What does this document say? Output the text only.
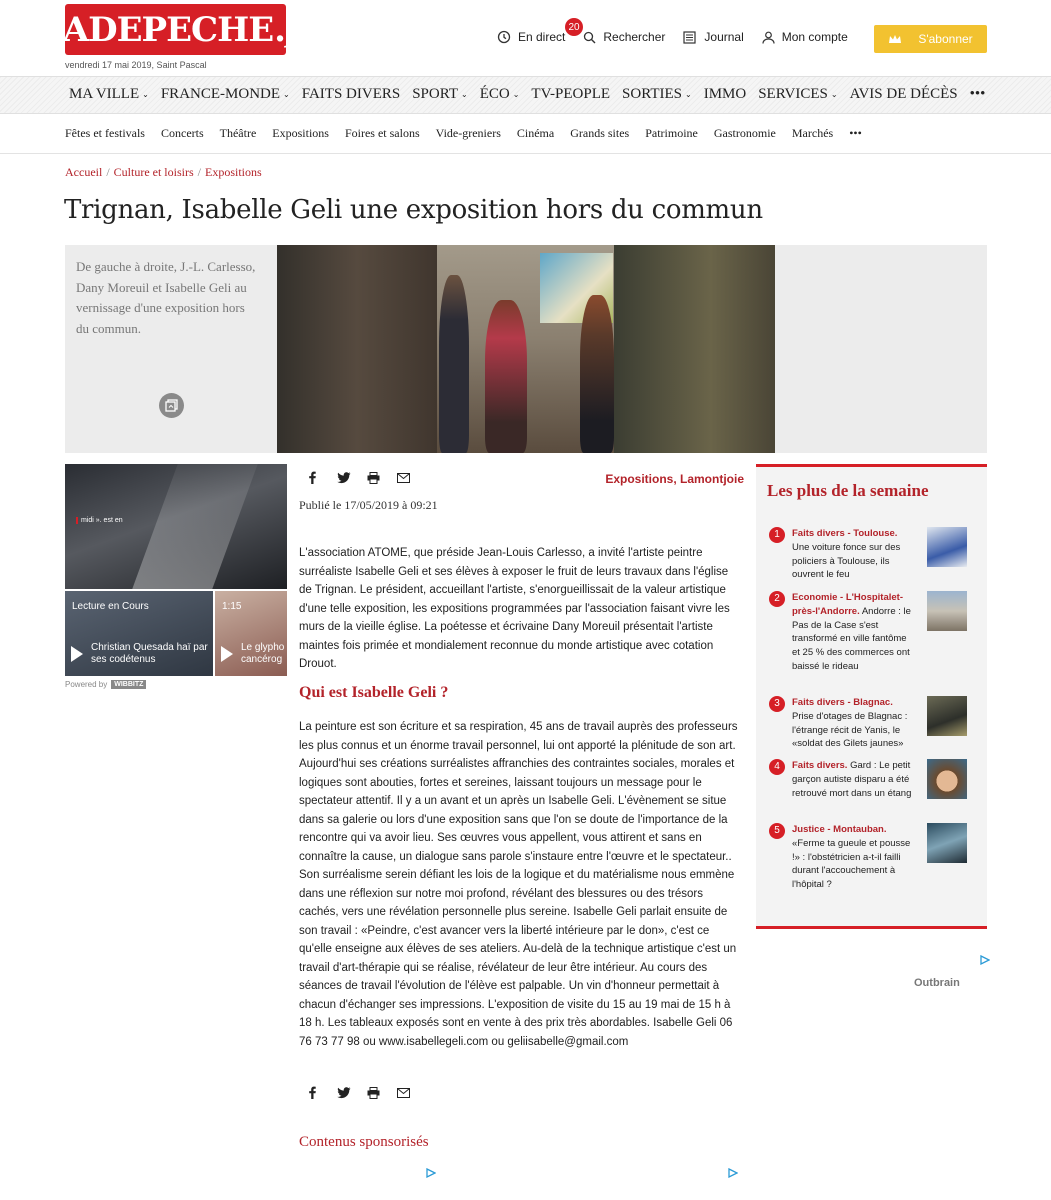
LADEPECHE . fr
vendredi 17 mai 2019, Saint Pascal
En direct
20
Rechercher	Journal	Mon compte	S'abonner
MA VILLE ⌄ FRANCE-MONDE ⌄ FAITS DIVERS SPORT ⌄ ÉCO ⌄ TV-PEOPLE SORTIES ⌄ IMMO SERVICES ⌄ AVIS DE DÉCÈS •••
Fêtes et festivals Concerts Théâtre Expositions Foires et salons Vide-greniers Cinéma Grands sites Patrimoine Gastronomie Marchés •••
Accueil / Culture et loisirs / Expositions
Trignan, Isabelle Geli une exposition hors du commun
De gauche à droite, J.-L. Carlesso, Dany Moreuil et Isabelle Geli au vernissage d'une exposition hors du commun.
midi ». est en
Lecture en Cours
Christian Quesada haï par ses codétenus
1:15
Le glypho cancérog
Powered by	WIBBITZ
Expositions, Lamontjoie
Publié le 17/05/2019 à 09:21
L'association ATOME, que préside Jean-Louis Carlesso, a invité l'artiste peintre surréaliste Isabelle Geli et ses élèves à exposer le fruit de leurs travaux dans l'église de Trignan. Le président, accueillant l'artiste, s'enorgueillissait de la valeur artistique d'une telle exposition, les expositions programmées par l'association faisant vivre les murs de la vieille église. La poétesse et écrivaine Dany Moreuil présentait l'artiste maintes fois primée et mondialement reconnue du monde artistique avec cotation Drouot.
Qui est Isabelle Geli ?
La peinture est son écriture et sa respiration, 45 ans de travail auprès des professeurs les plus connus et un énorme travail personnel, lui ont apporté la plénitude de son art. Aujourd'hui ses créations surréalistes affranchies des contraintes sociales, morales et logiques sont abouties, fortes et sereines, laissant toujours un message pour le spectateur attentif. Il y a un avant et un après un Isabelle Geli. L'évènement se situe dans sa galerie ou lors d'une exposition sans que l'on se doute de l'importance de la rencontre qui va avoir lieu. Ses œuvres vous appellent, vous attirent et sans en connaître la cause, un dialogue sans parole s'instaure entre l'œuvre et le spectateur.. Son surréalisme serein défiant les lois de la logique et du matérialisme nous emmène dans une réflexion sur notre moi profond, révélant des blessures ou des trésors cachés, vers une révélation personnelle plus sereine. Isabelle Geli parlait ensuite de son travail : «Peindre, c'est avancer vers la liberté intérieure par le don», c'est ce qu'elle enseigne aux élèves de ses ateliers. Au-delà de la technique artistique c'est un travail d'art-thérapie qui se réalise, révélateur de leur être intérieur. Au cours des séances de travail l'évolution de l'élève est palpable. Un vin d'honneur permettait à chacun d'échanger ses impressions. L'exposition de visite du 15 au 19 mai de 15 h à 18 h. Les tableaux exposés sont en vente à des prix très abordables. Isabelle Geli 06 76 73 77 98 ou www.isabellegeli.com ou geliisabelle@gmail.com
Contenus sponsorisés
Les plus de la semaine
1	Faits divers - Toulouse. Une voiture fonce sur des policiers à Toulouse, ils ouvrent le feu
2	Economie - L'Hospitalet-près-l'Andorre. Andorre : le Pas de la Case s'est transformé en ville fantôme et 25 % des commerces ont baissé le rideau
3	Faits divers - Blagnac. Prise d'otages de Blagnac : l'étrange récit de Yanis, le «soldat des Gilets jaunes»
4	Faits divers. Gard : Le petit garçon autiste disparu a été retrouvé mort dans un étang
5	Justice - Montauban. «Ferme ta gueule et pousse !» : l'obstétricien a-t-il failli durant l'accouchement à l'hôpital ?
Outbrain
